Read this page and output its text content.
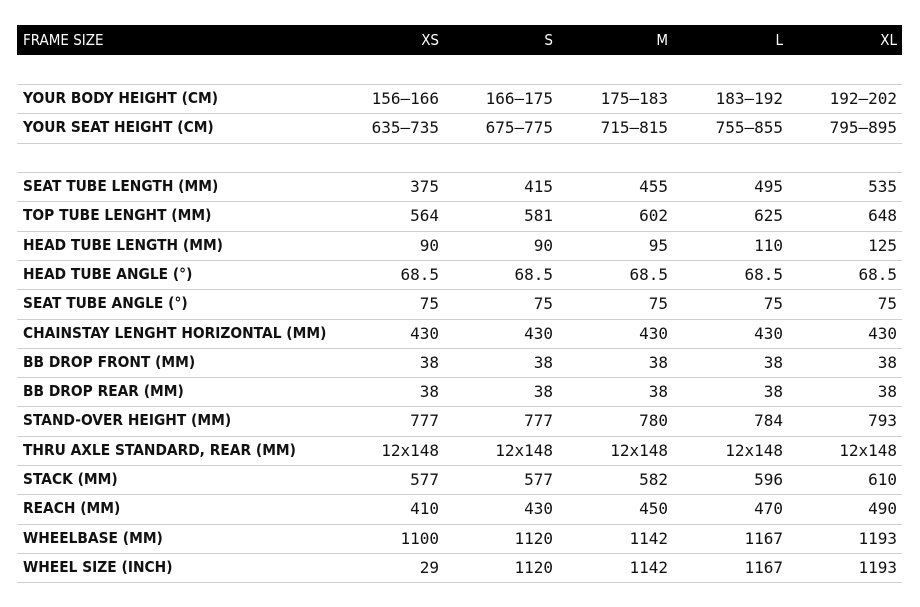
FRAME SIZE	XS	S	M	L	XL
YOUR BODY HEIGHT (CM)	156–166	166–175	175–183	183–192	192–202
YOUR SEAT HEIGHT (CM)	635–735	675–775	715–815	755–855	795–895
SEAT TUBE LENGTH (MM)	375	415	455	495	535
TOP TUBE LENGHT (MM)	564	581	602	625	648
HEAD TUBE LENGTH (MM)	90	90	95	110	125
HEAD TUBE ANGLE (°)	68.5	68.5	68.5	68.5	68.5
SEAT TUBE ANGLE (°)	75	75	75	75	75
CHAINSTAY LENGHT HORIZONTAL (MM)	430	430	430	430	430
BB DROP FRONT (MM)	38	38	38	38	38
BB DROP REAR (MM)	38	38	38	38	38
STAND-OVER HEIGHT (MM)	777	777	780	784	793
THRU AXLE STANDARD, REAR (MM)	12x148	12x148	12x148	12x148	12x148
STACK (MM)	577	577	582	596	610
REACH (MM)	410	430	450	470	490
WHEELBASE (MM)	1100	1120	1142	1167	1193
WHEEL SIZE (INCH)	29	1120	1142	1167	1193
